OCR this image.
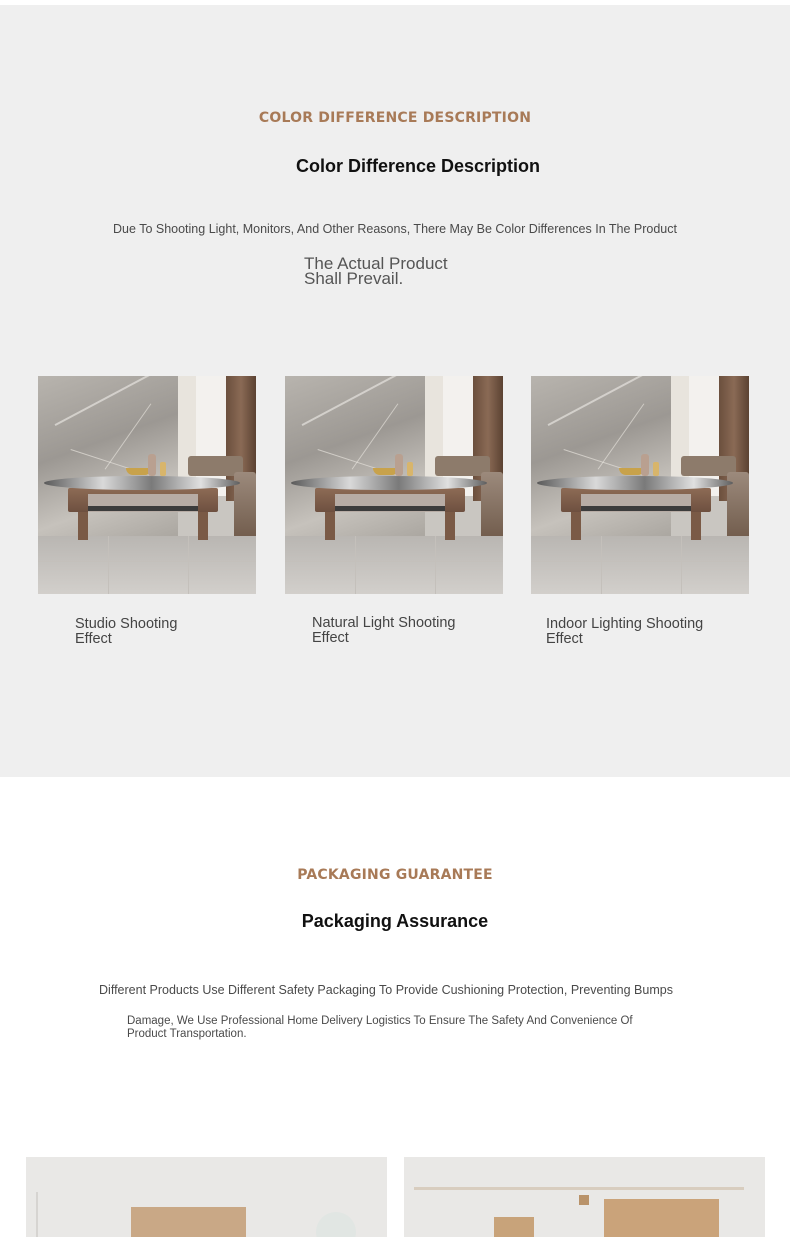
COLOR DIFFERENCE DESCRIPTION
Color Difference Description
Due To Shooting Light, Monitors, And Other Reasons, There May Be Color Differences In The Product
The Actual Product
Shall Prevail.
Studio Shooting
Effect
Natural Light Shooting
Effect
Indoor Lighting Shooting
Effect
PACKAGING GUARANTEE
Packaging Assurance
Different Products Use Different Safety Packaging To Provide Cushioning Protection, Preventing Bumps
Damage, We Use Professional Home Delivery Logistics To Ensure The Safety And Convenience Of
Product Transportation.
